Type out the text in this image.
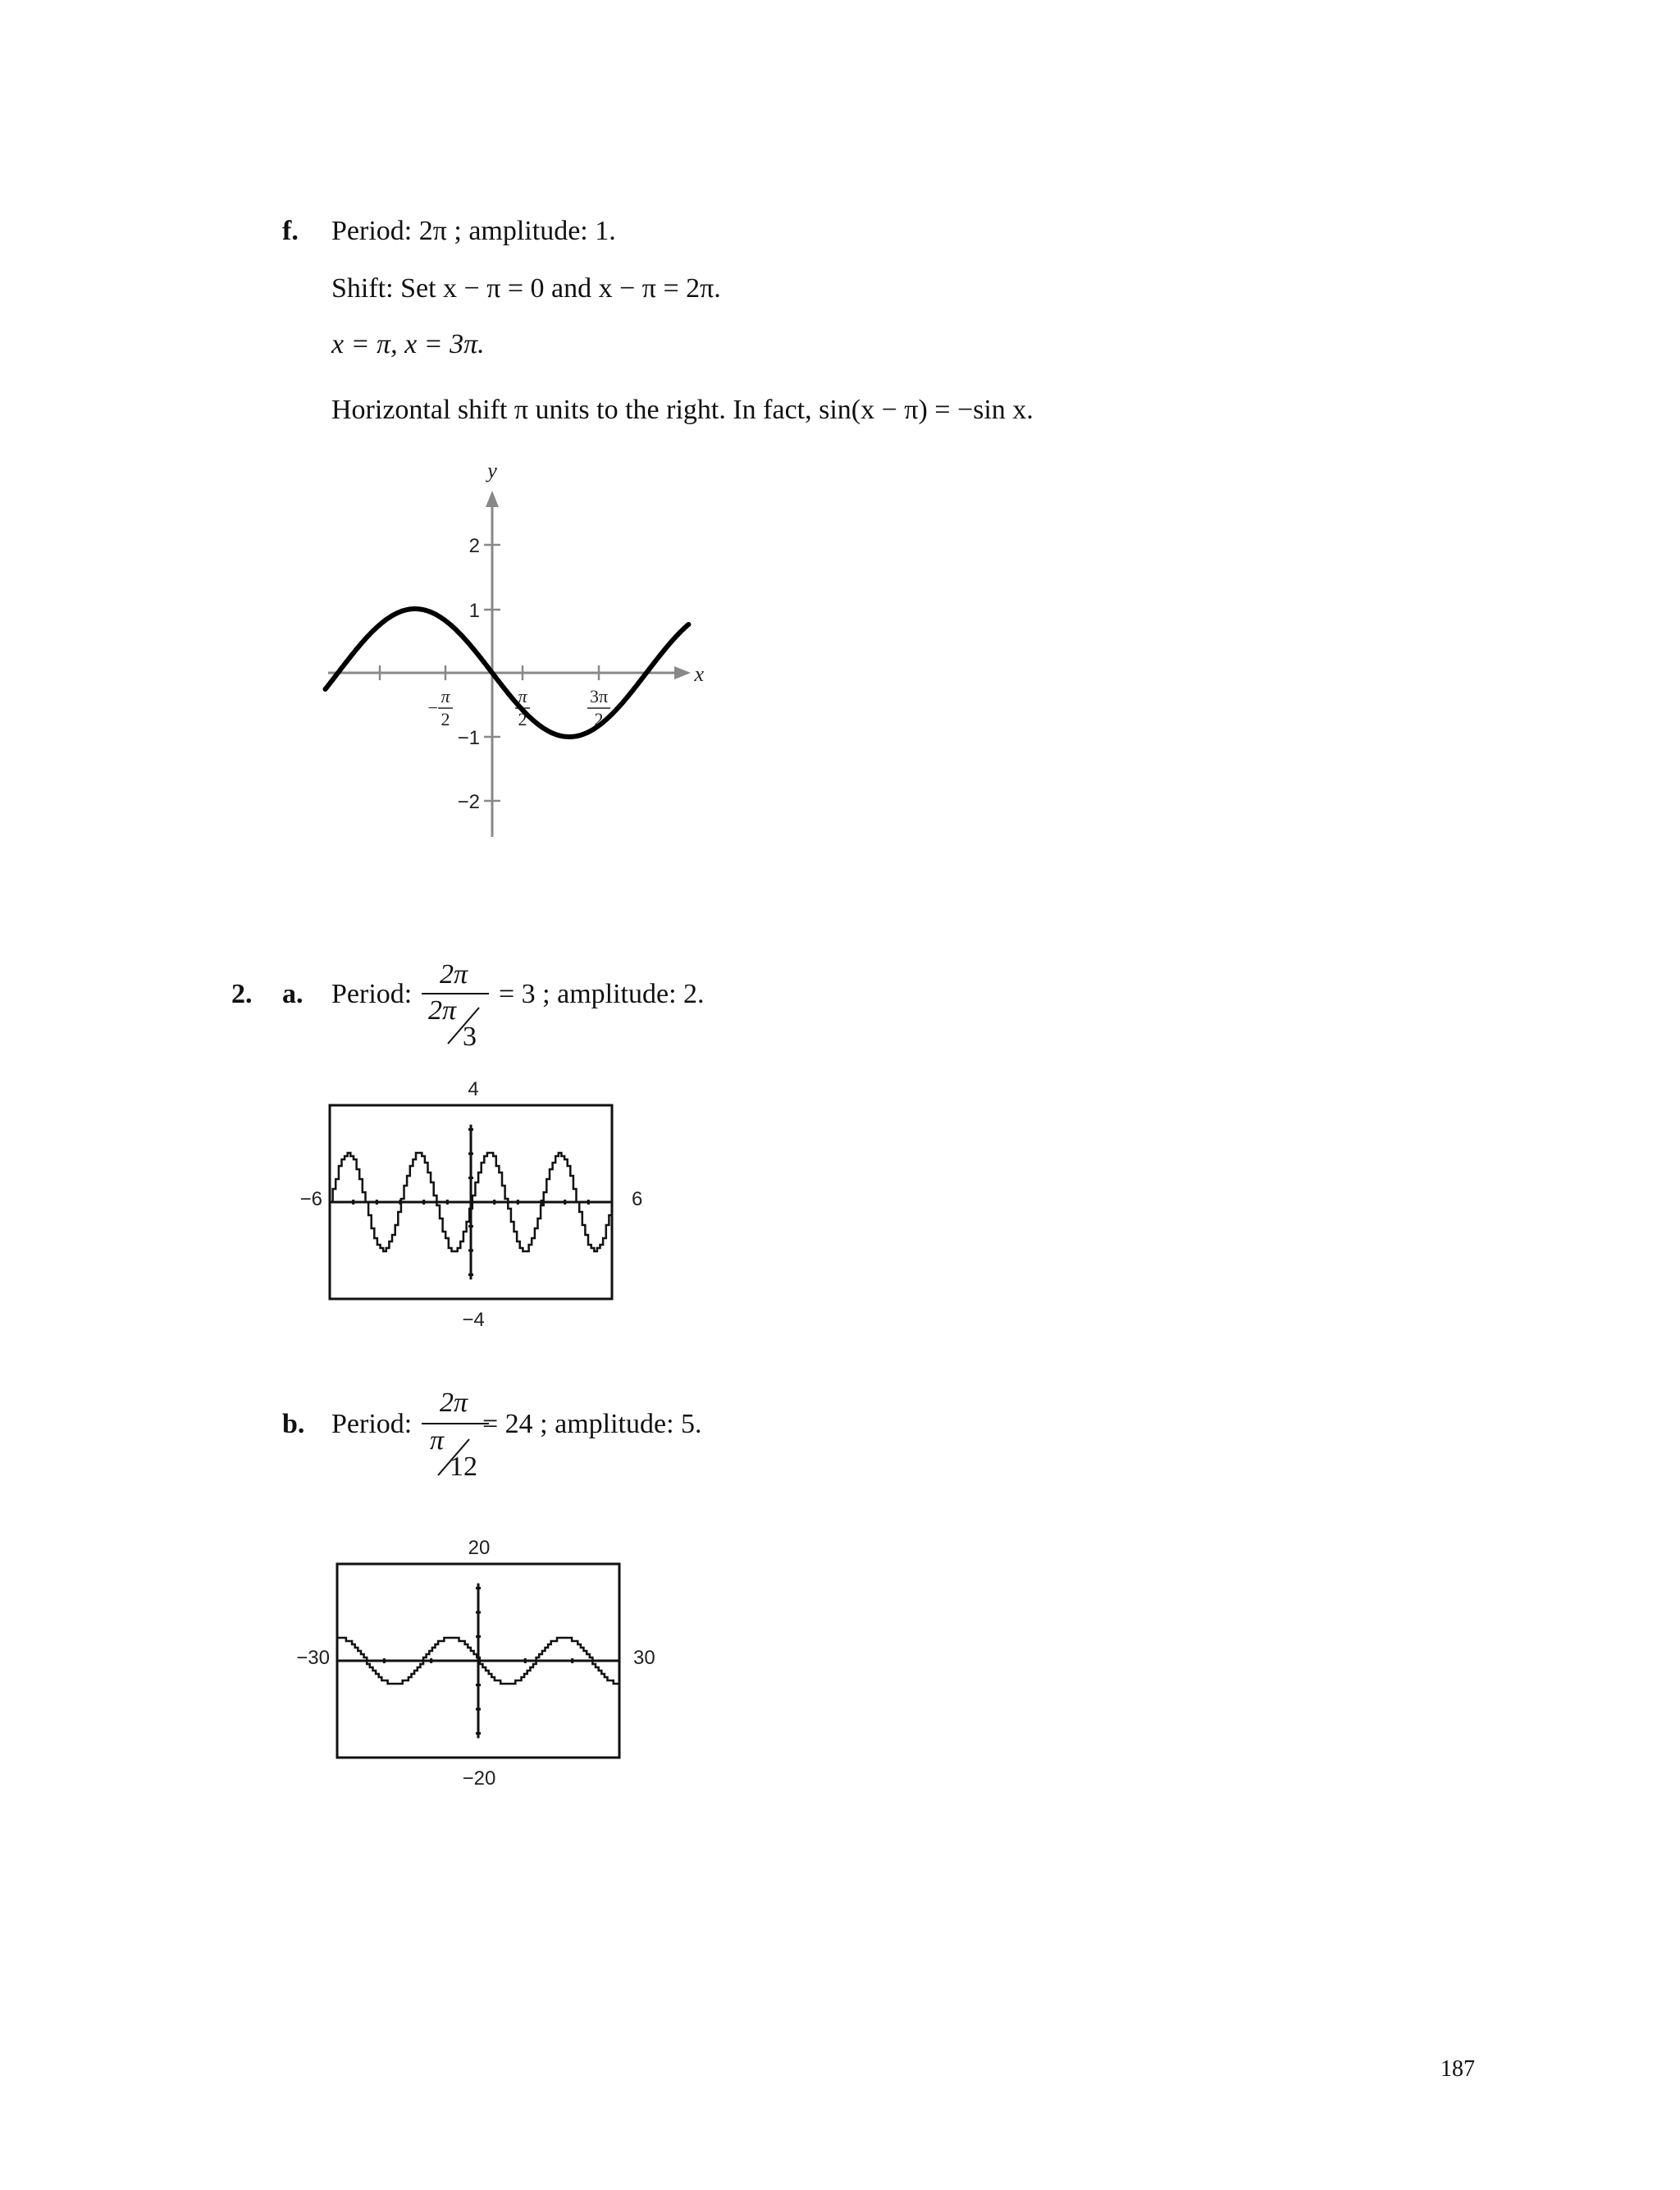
f. Period: 2π ; amplitude: 1.
Shift: Set x − π = 0 and x − π = 2π.
x = π, x = 3π.
Horizontal shift π units to the right. In fact, sin(x − π) = −sin x.
x
y
2
1
−1
−2
−
π
2
π
2
3π
2
2. a. Period:
2π
2π
3
= 3 ; amplitude: 2.
4
−4
−6	6
b. Period:
2π
π
12
= 24 ; amplitude: 5.
20
−20
−30	30
187
